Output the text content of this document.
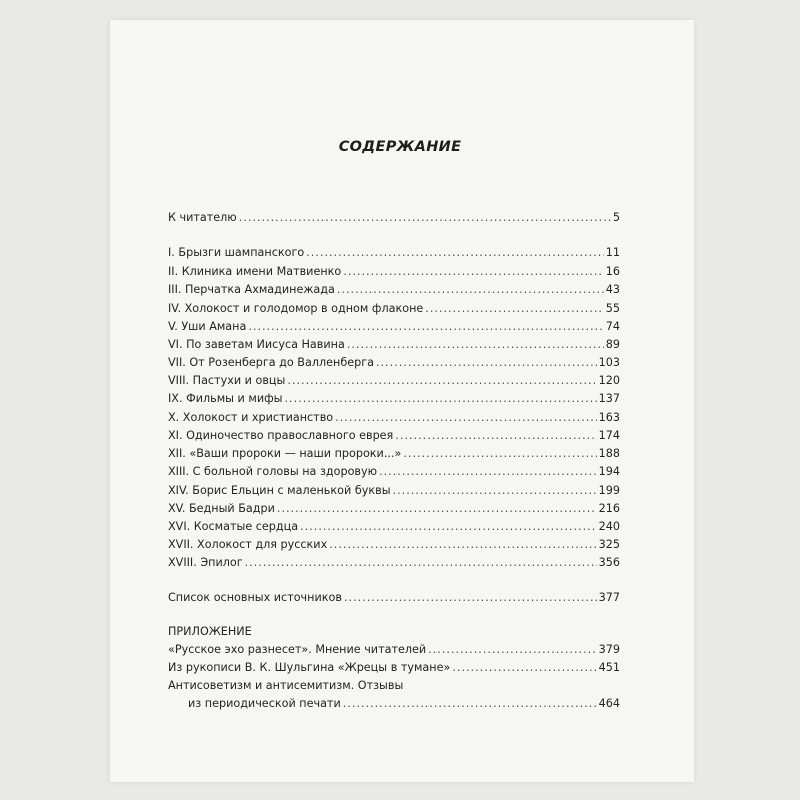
СОДЕРЖАНИЕ
К читателю .....	5
I. Брызги шампанского .....	11
II. Клиника имени Матвиенко .....	16
III. Перчатка Ахмадинежада .....	43
IV. Холокост и голодомор в одном флаконе .....	55
V. Уши Амана .....	74
VI. По заветам Иисуса Навина .....	89
VII. От Розенберга до Валленберга .....	103
VIII. Пастухи и овцы .....	120
IX. Фильмы и мифы .....	137
X. Холокост и христианство .....	163
XI. Одиночество православного еврея .....	174
XII. «Ваши пророки — наши пророки...» .....	188
XIII. С больной головы на здоровую .....	194
XIV. Борис Ельцин с маленькой буквы .....	199
XV. Бедный Бадри .....	216
XVI. Косматые сердца .....	240
XVII. Холокост для русских .....	325
XVIII. Эпилог .....	356
Список основных источников .....	377
ПРИЛОЖЕНИЕ
«Русское эхо разнесет». Мнение читателей .....	379
Из рукописи В. К. Шульгина «Жрецы в тумане» .....	451
Антисоветизм и антисемитизм. Отзывы
из периодической печати .....	464
